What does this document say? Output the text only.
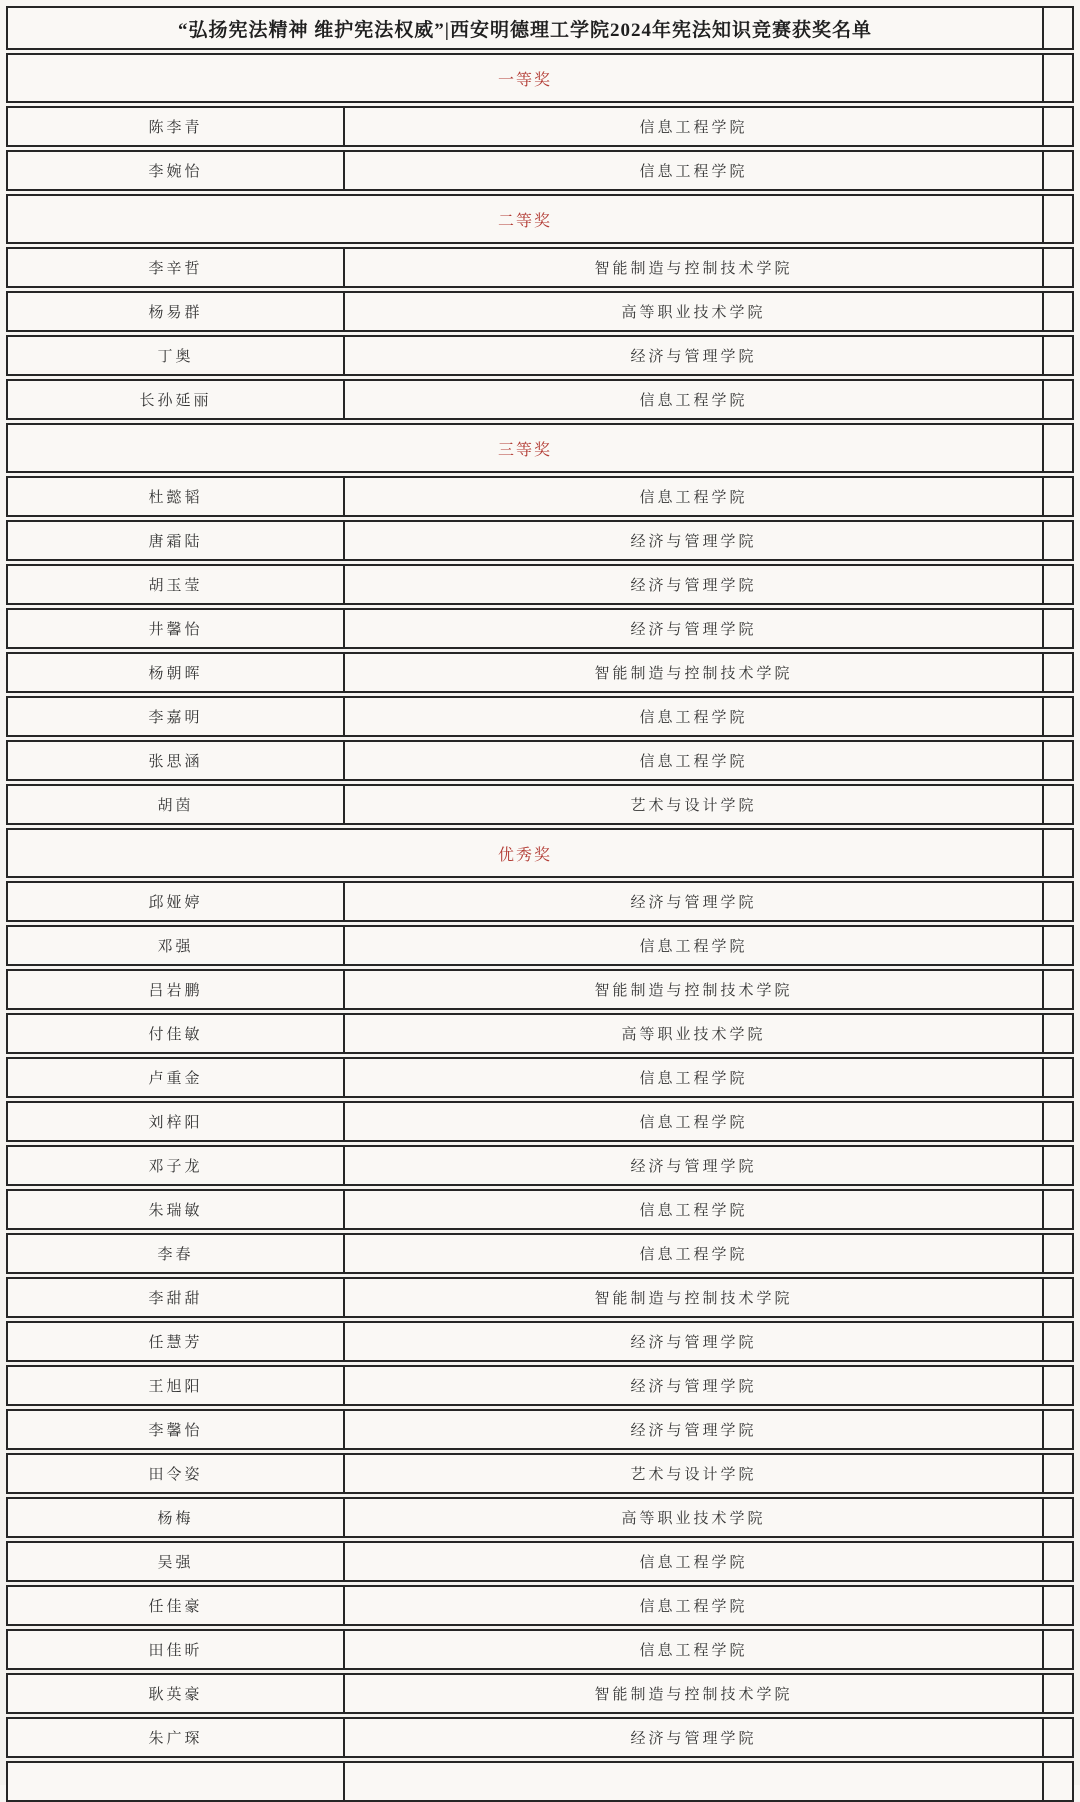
“弘扬宪法精神 维护宪法权威”|西安明德理工学院2024年宪法知识竞赛获奖名单
一等奖
陈李青	信息工程学院
李婉怡	信息工程学院
二等奖
李辛哲	智能制造与控制技术学院
杨易群	高等职业技术学院
丁奥	经济与管理学院
长孙延丽	信息工程学院
三等奖
杜懿韬	信息工程学院
唐霜陆	经济与管理学院
胡玉莹	经济与管理学院
井馨怡	经济与管理学院
杨朝晖	智能制造与控制技术学院
李嘉明	信息工程学院
张思涵	信息工程学院
胡茵	艺术与设计学院
优秀奖
邱娅婷	经济与管理学院
邓强	信息工程学院
吕岩鹏	智能制造与控制技术学院
付佳敏	高等职业技术学院
卢重金	信息工程学院
刘梓阳	信息工程学院
邓子龙	经济与管理学院
朱瑞敏	信息工程学院
李春	信息工程学院
李甜甜	智能制造与控制技术学院
任慧芳	经济与管理学院
王旭阳	经济与管理学院
李馨怡	经济与管理学院
田令姿	艺术与设计学院
杨梅	高等职业技术学院
吴强	信息工程学院
任佳豪	信息工程学院
田佳昕	信息工程学院
耿英豪	智能制造与控制技术学院
朱广琛	经济与管理学院
